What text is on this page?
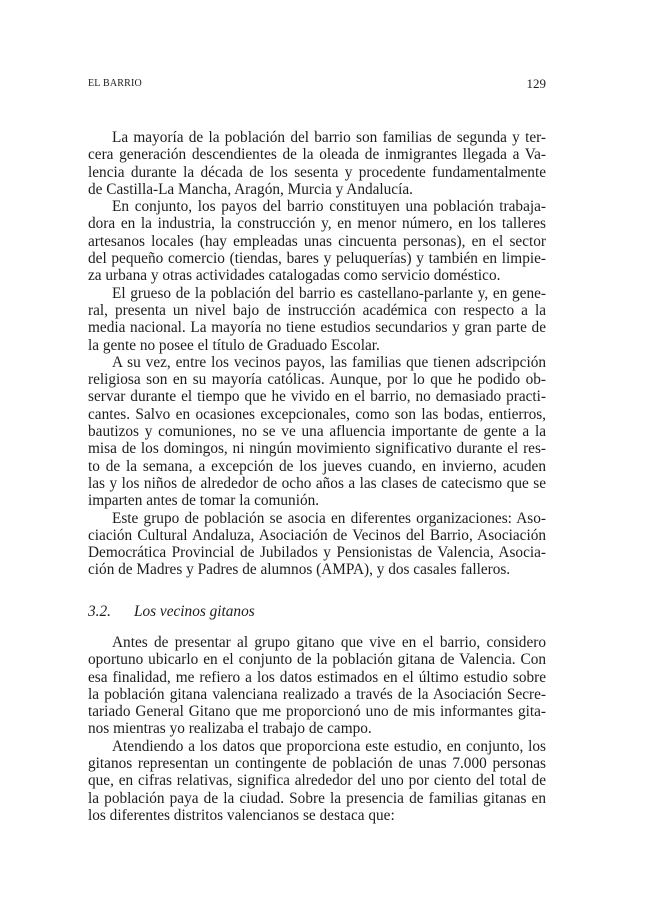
EL BARRIO	129
La mayoría de la población del barrio son familias de segunda y ter-
cera generación descendientes de la oleada de inmigrantes llegada a Va-
lencia durante la década de los sesenta y procedente fundamentalmente
de Castilla-La Mancha, Aragón, Murcia y Andalucía.
En conjunto, los payos del barrio constituyen una población trabaja-
dora en la industria, la construcción y, en menor número, en los talleres
artesanos locales (hay empleadas unas cincuenta personas), en el sector
del pequeño comercio (tiendas, bares y peluquerías) y también en limpie-
za urbana y otras actividades catalogadas como servicio doméstico.
El grueso de la población del barrio es castellano-parlante y, en gene-
ral, presenta un nivel bajo de instrucción académica con respecto a la
media nacional. La mayoría no tiene estudios secundarios y gran parte de
la gente no posee el título de Graduado Escolar.
A su vez, entre los vecinos payos, las familias que tienen adscripción
religiosa son en su mayoría católicas. Aunque, por lo que he podido ob-
servar durante el tiempo que he vivido en el barrio, no demasiado practi-
cantes. Salvo en ocasiones excepcionales, como son las bodas, entierros,
bautizos y comuniones, no se ve una afluencia importante de gente a la
misa de los domingos, ni ningún movimiento significativo durante el res-
to de la semana, a excepción de los jueves cuando, en invierno, acuden
las y los niños de alrededor de ocho años a las clases de catecismo que se
imparten antes de tomar la comunión.
Este grupo de población se asocia en diferentes organizaciones: Aso-
ciación Cultural Andaluza, Asociación de Vecinos del Barrio, Asociación
Democrática Provincial de Jubilados y Pensionistas de Valencia, Asocia-
ción de Madres y Padres de alumnos (AMPA), y dos casales falleros.
3.2. Los vecinos gitanos
Antes de presentar al grupo gitano que vive en el barrio, considero
oportuno ubicarlo en el conjunto de la población gitana de Valencia. Con
esa finalidad, me refiero a los datos estimados en el último estudio sobre
la población gitana valenciana realizado a través de la Asociación Secre-
tariado General Gitano que me proporcionó uno de mis informantes gita-
nos mientras yo realizaba el trabajo de campo.
Atendiendo a los datos que proporciona este estudio, en conjunto, los
gitanos representan un contingente de población de unas 7.000 personas
que, en cifras relativas, significa alrededor del uno por ciento del total de
la población paya de la ciudad. Sobre la presencia de familias gitanas en
los diferentes distritos valencianos se destaca que:
